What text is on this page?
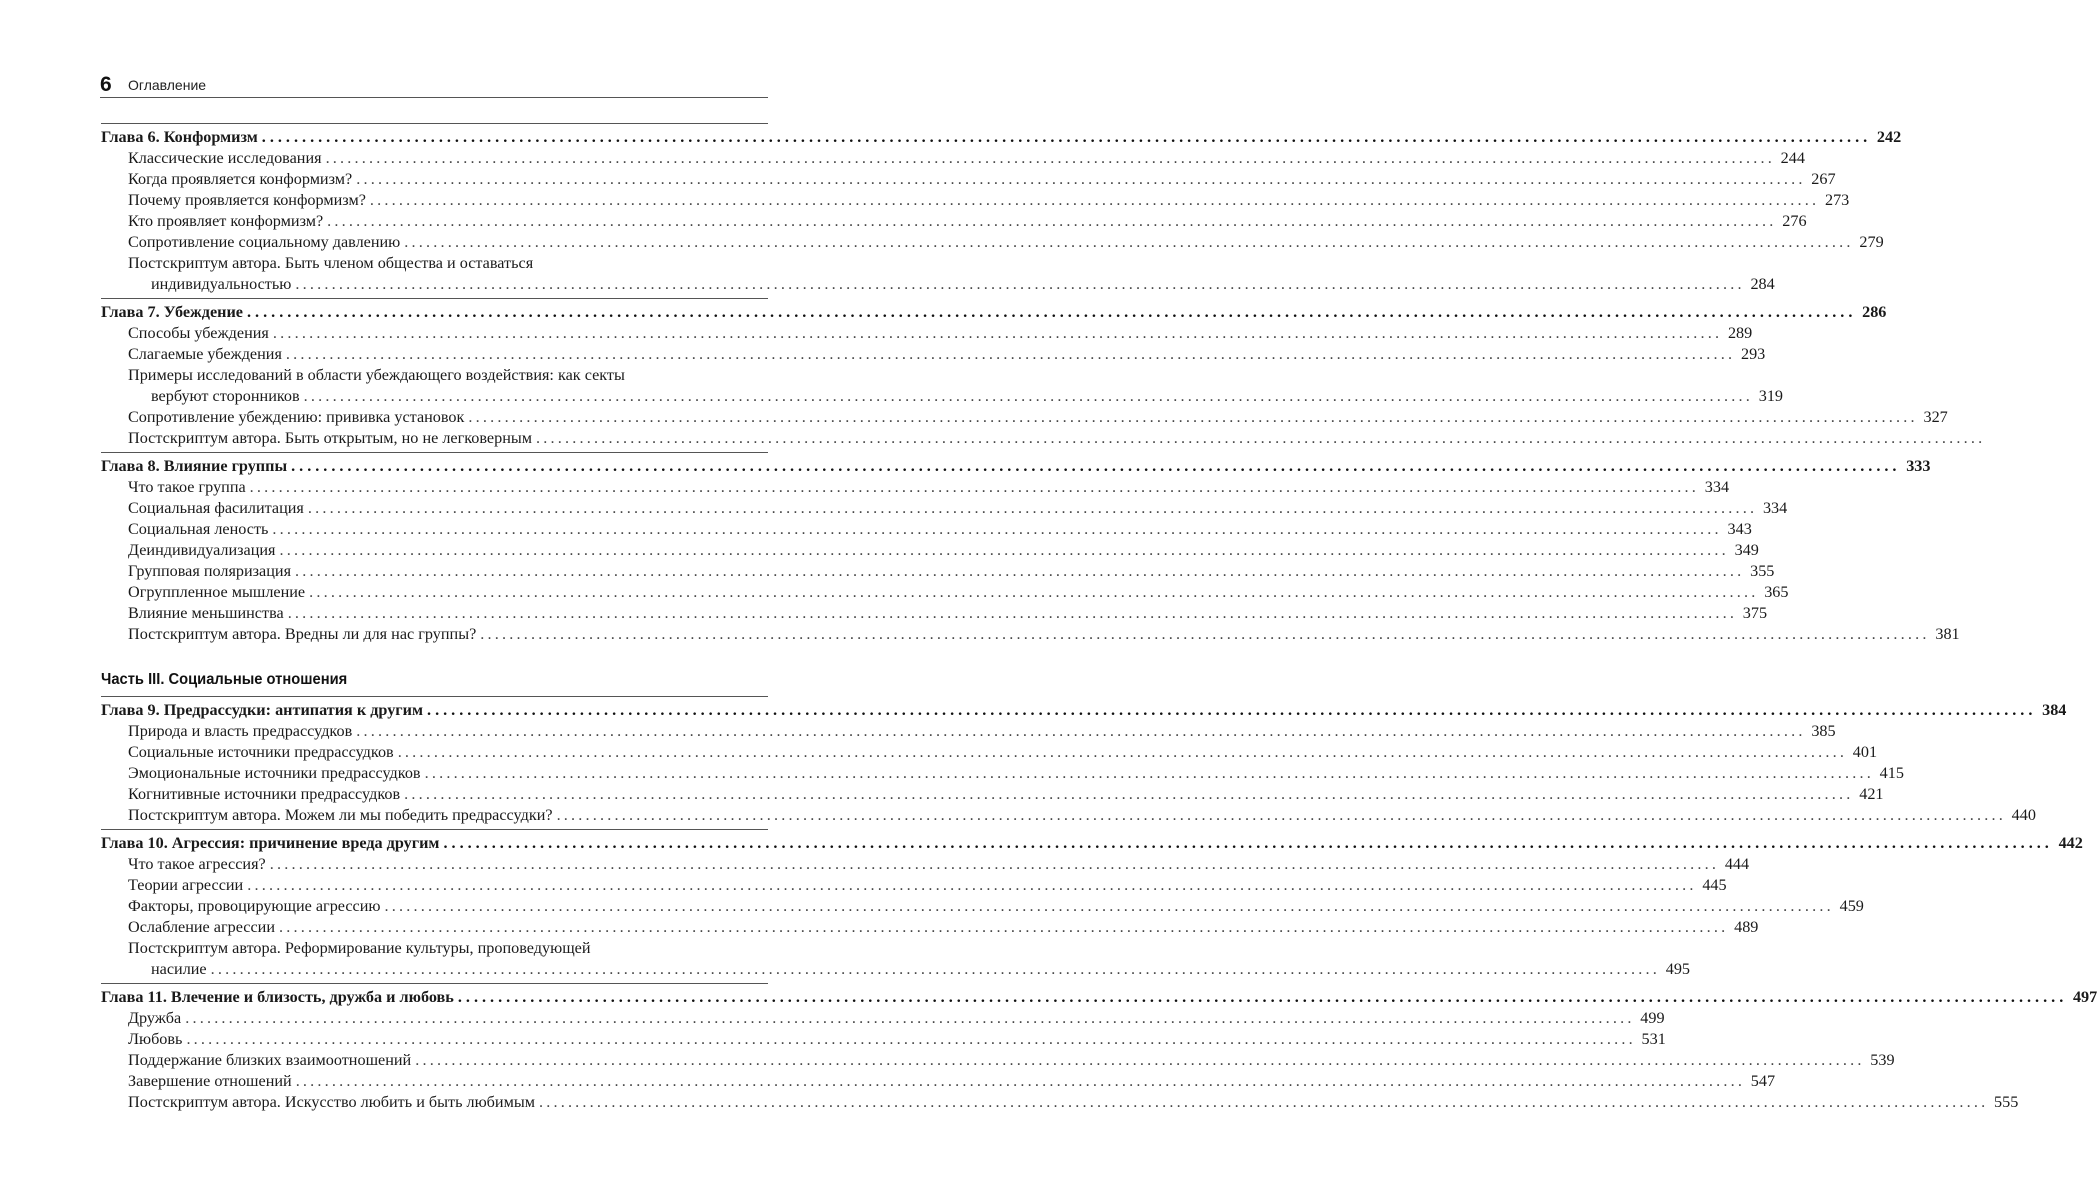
6 Оглавление
Глава 6. Конформизм ........................................................................................................................................................................................................ 242
Классические исследования ........................................................................................................................................................................................................ 244
Когда проявляется конформизм? ........................................................................................................................................................................................................ 267
Почему проявляется конформизм? ........................................................................................................................................................................................................ 273
Кто проявляет конформизм? ........................................................................................................................................................................................................ 276
Сопротивление социальному давлению ........................................................................................................................................................................................................ 279
Постскриптум автора. Быть членом общества и оставаться
индивидуальностью ........................................................................................................................................................................................................ 284
Глава 7. Убеждение ........................................................................................................................................................................................................ 286
Способы убеждения ........................................................................................................................................................................................................ 289
Слагаемые убеждения ........................................................................................................................................................................................................ 293
Примеры исследований в области убеждающего воздействия: как секты
вербуют сторонников ........................................................................................................................................................................................................ 319
Сопротивление убеждению: прививка установок ........................................................................................................................................................................................................ 327
Постскриптум автора. Быть открытым, но не легковерным ........................................................................................................................................................................................................
Глава 8. Влияние группы ........................................................................................................................................................................................................ 333
Что такое группа ........................................................................................................................................................................................................ 334
Социальная фасилитация ........................................................................................................................................................................................................ 334
Социальная леность ........................................................................................................................................................................................................ 343
Деиндивидуализация ........................................................................................................................................................................................................ 349
Групповая поляризация ........................................................................................................................................................................................................ 355
Огруппленное мышление ........................................................................................................................................................................................................ 365
Влияние меньшинства ........................................................................................................................................................................................................ 375
Постскриптум автора. Вредны ли для нас группы? ........................................................................................................................................................................................................ 381
Часть III. Социальные отношения
Глава 9. Предрассудки: антипатия к другим ........................................................................................................................................................................................................ 384
Природа и власть предрассудков ........................................................................................................................................................................................................ 385
Социальные источники предрассудков ........................................................................................................................................................................................................ 401
Эмоциональные источники предрассудков ........................................................................................................................................................................................................ 415
Когнитивные источники предрассудков ........................................................................................................................................................................................................ 421
Постскриптум автора. Можем ли мы победить предрассудки? ........................................................................................................................................................................................................ 440
Глава 10. Агрессия: причинение вреда другим ........................................................................................................................................................................................................ 442
Что такое агрессия? ........................................................................................................................................................................................................ 444
Теории агрессии ........................................................................................................................................................................................................ 445
Факторы, провоцирующие агрессию ........................................................................................................................................................................................................ 459
Ослабление агрессии ........................................................................................................................................................................................................ 489
Постскриптум автора. Реформирование культуры, проповедующей
насилие ........................................................................................................................................................................................................ 495
Глава 11. Влечение и близость, дружба и любовь ........................................................................................................................................................................................................ 497
Дружба ........................................................................................................................................................................................................ 499
Любовь ........................................................................................................................................................................................................ 531
Поддержание близких взаимоотношений ........................................................................................................................................................................................................ 539
Завершение отношений ........................................................................................................................................................................................................ 547
Постскриптум автора. Искусство любить и быть любимым ........................................................................................................................................................................................................ 555
